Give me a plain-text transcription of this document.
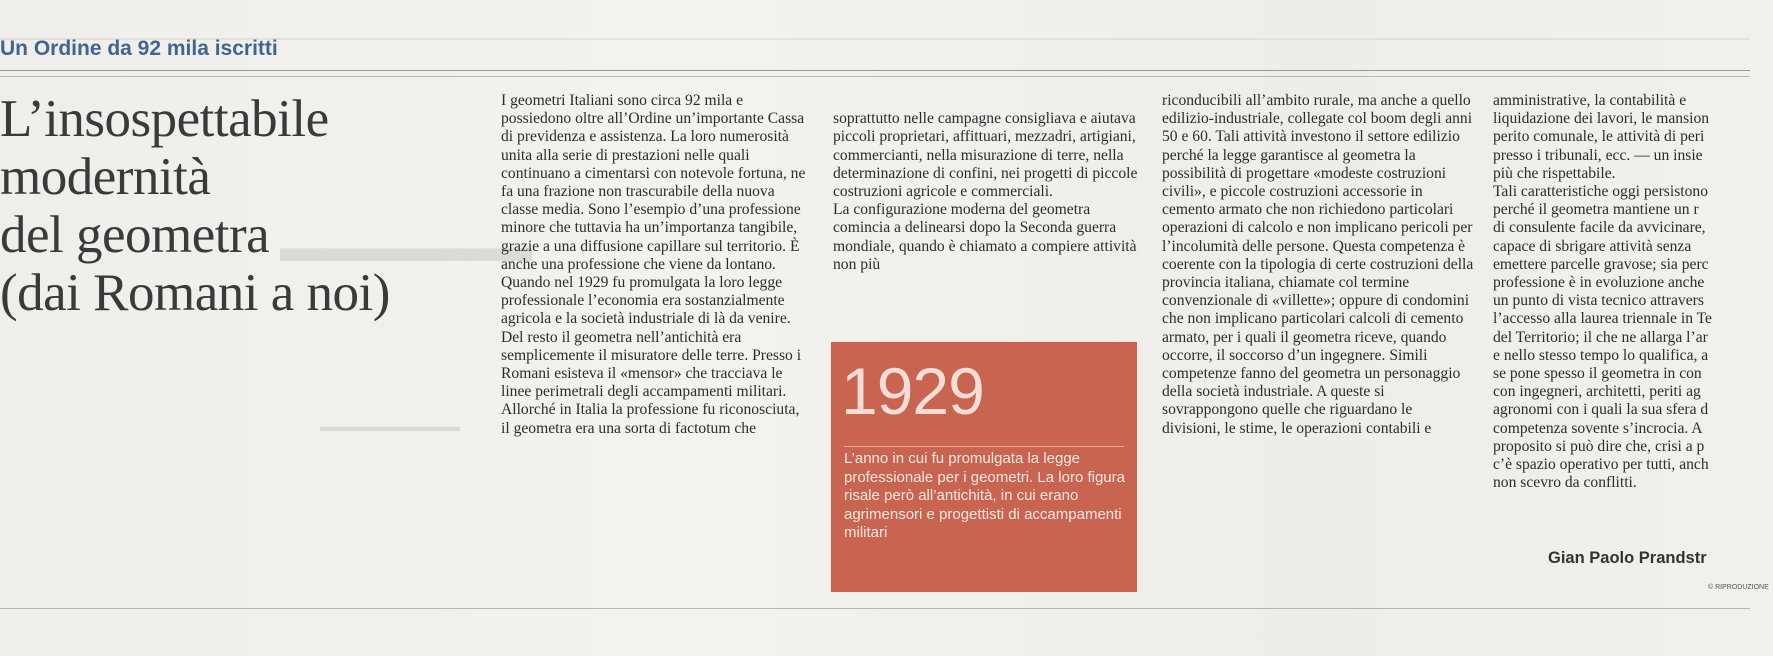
▬▬▬▬▬▬
▬▬▬▬▬▬▬▬▬▬
Un Ordine da 92 mila iscritti
L’insospettabile
modernità
del geometra
(dai Romani a noi)

I geometri Italiani sono circa 92 mila e possiedono oltre all’Ordine un’importante Cassa di previdenza e assistenza. La loro numerosità unita alla serie di prestazioni nelle quali continuano a cimentarsi con notevole fortuna, ne fa una frazione non trascurabile della nuova classe media. Sono l’esempio d’una professione minore che tuttavia ha un’importanza tangibile, grazie a una diffusione capillare sul territorio. È anche una professione che viene da lontano. Quando nel 1929 fu promulgata la loro legge professionale l’economia era sostanzialmente agricola e la società industriale di là da venire. Del resto il geometra nell’antichità era semplicemente il misuratore delle terre. Presso i Romani esisteva il «mensor» che tracciava le linee perimetrali degli accampamenti militari. Allorché in Italia la professione fu riconosciuta, il geometra era una sorta di factotum che

soprattutto nelle campagne consigliava e aiutava piccoli proprietari, affittuari, mezzadri, artigiani, commercianti, nella misurazione di terre, nella determinazione di confini, nei progetti di piccole costruzioni agricole e commerciali.
La configurazione moderna del geometra comincia a delinearsi dopo la Seconda guerra mondiale, quando è chiamato a compiere attività non più

1929
L’anno in cui fu promulgata la legge professionale per i geometri. La loro figura risale però all’antichità, in cui erano agrimensori e progettisti di accampamenti militari

riconducibili all’ambito rurale, ma anche a quello edilizio-industriale, collegate col boom degli anni 50 e 60. Tali attività investono il settore edilizio perché la legge garantisce al geometra la possibilità di progettare «modeste costruzioni civili», e piccole costruzioni accessorie in cemento armato che non richiedono particolari operazioni di calcolo e non implicano pericoli per l’incolumità delle persone. Questa competenza è coerente con la tipologia di certe costruzioni della provincia italiana, chiamate col termine convenzionale di «villette»; oppure di condomini che non implicano particolari calcoli di cemento armato, per i quali il geometra riceve, quando occorre, il soccorso d’un ingegnere. Simili competenze fanno del geometra un personaggio della società industriale. A queste si sovrappongono quelle che riguardano le divisioni, le stime, le operazioni contabili e

amministrative, la contabilità e

liquidazione dei lavori, le mansion

perito comunale, le attività di peri

presso i tribunali, ecc. — un insie

più che rispettabile.

Tali caratteristiche oggi persistono

perché il geometra mantiene un r

di consulente facile da avvicinare,

capace di sbrigare attività senza

emettere parcelle gravose; sia perc

professione è in evoluzione anche

un punto di vista tecnico attravers

l’accesso alla laurea triennale in Te

del Territorio; il che ne allarga l’ar

e nello stesso tempo lo qualifica, a

se pone spesso il geometra in con

con ingegneri, architetti, periti ag

agronomi con i quali la sua sfera d

competenza sovente s’incrocia. A

proposito si può dire che, crisi a p

c’è spazio operativo per tutti, anch

non scevro da conflitti.

Gian Paolo Prandstr
© RIPRODUZIONE
